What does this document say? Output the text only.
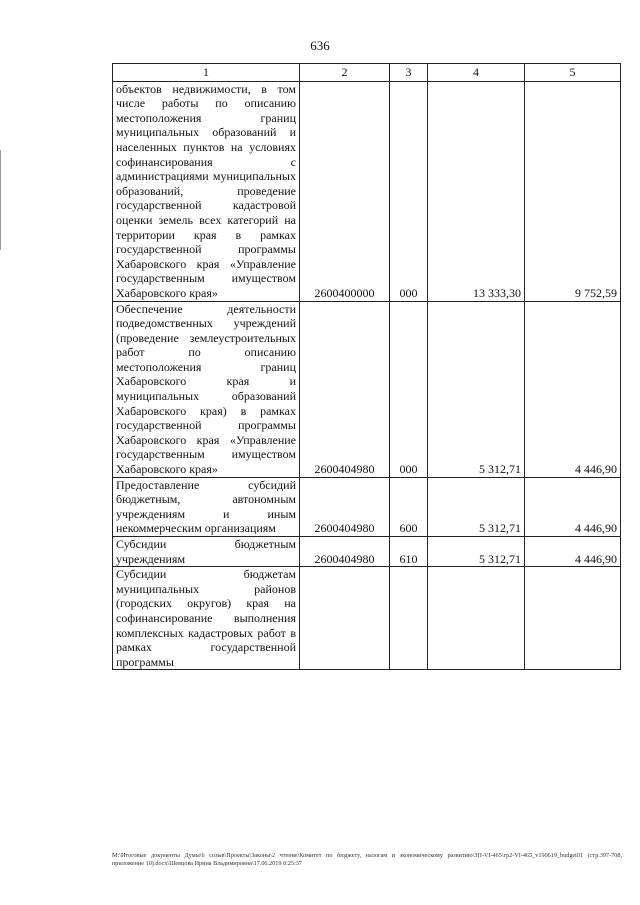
636
1	2	3	4	5
объектов недвижимости, в том числе работы по описанию местоположения границ муниципальных образований и населенных пунктов на условиях софинансирования с администрациями муниципальных образований, проведение государственной кадастровой оценки земель всех категорий на территории края в рамках государственной программы Хабаровского края «Управление государственным имуществом Хабаровского края»	2600400000	000	13 333,30	9 752,59
Обеспечение деятельности подведомственных учреждений (проведение землеустроительных работ по описанию местоположения границ Хабаровского края и муниципальных образований Хабаровского края) в рамках государственной программы Хабаровского края «Управление государственным имуществом Хабаровского края»	2600404980	000	5 312,71	4 446,90
Предоставление субсидий бюджетным, автономным учреждениям и иным некоммерческим организациям	2600404980	600	5 312,71	4 446,90
Субсидии бюджетным учреждениям	2600404980	610	5 312,71	4 446,90
Субсидии бюджетам муниципальных районов (городских округов) края на софинансирование выполнения комплексных кадастровых работ в рамках государственной программы				
М:\Итоговые документы Думы\6 созыв\Проекты\Законы\2 чтение\Комитет по бюджету, налогам и экономическому развитию\ЗП-VI-465\гр2-VI-465_v190619_budget01 (стр.397-708, приложение 10).docx\Шевцова Ирина Владимировна\17.06.2019 8:25:37
